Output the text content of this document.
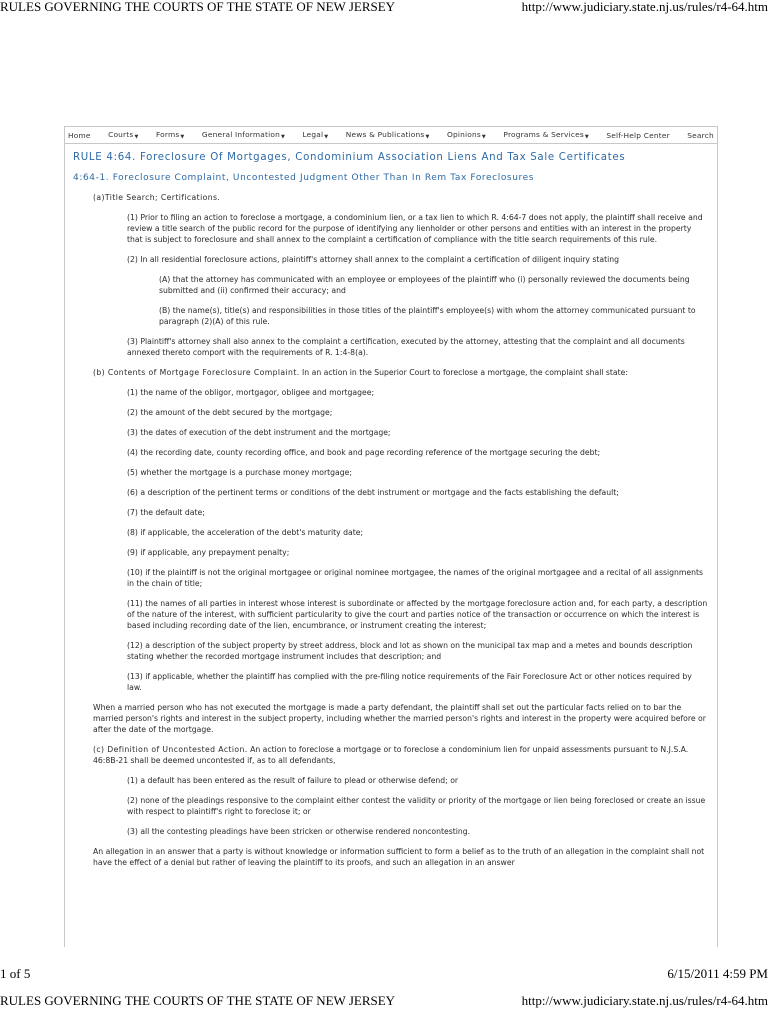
RULES GOVERNING THE COURTS OF THE STATE OF NEW JERSEY	http://www.judiciary.state.nj.us/rules/r4-64.htm
Home Courts▼ Forms▼ General Information▼ Legal▼ News & Publications▼ Opinions▼ Programs & Services▼ Self-Help Center Search
RULE 4:64. Foreclosure Of Mortgages, Condominium Association Liens And Tax Sale Certificates
4:64-1. Foreclosure Complaint, Uncontested Judgment Other Than In Rem Tax Foreclosures

(a)Title Search; Certifications.

(1) Prior to filing an action to foreclose a mortgage, a condominium lien, or a tax lien to which R. 4:64-7 does not apply, the plaintiff shall receive and review a title search of the public record for the purpose of identifying any lienholder or other persons and entities with an interest in the property that is subject to foreclosure and shall annex to the complaint a certification of compliance with the title search requirements of this rule.

(2) In all residential foreclosure actions, plaintiff's attorney shall annex to the complaint a certification of diligent inquiry stating

(A) that the attorney has communicated with an employee or employees of the plaintiff who (i) personally reviewed the documents being submitted and (ii) confirmed their accuracy; and

(B) the name(s), title(s) and responsibilities in those titles of the plaintiff's employee(s) with whom the attorney communicated pursuant to paragraph (2)(A) of this rule.

(3) Plaintiff's attorney shall also annex to the complaint a certification, executed by the attorney, attesting that the complaint and all documents annexed thereto comport with the requirements of R. 1:4-8(a).

(b) Contents of Mortgage Foreclosure Complaint. In an action in the Superior Court to foreclose a mortgage, the complaint shall state:

(1) the name of the obligor, mortgagor, obligee and mortgagee;

(2) the amount of the debt secured by the mortgage;

(3) the dates of execution of the debt instrument and the mortgage;

(4) the recording date, county recording office, and book and page recording reference of the mortgage securing the debt;

(5) whether the mortgage is a purchase money mortgage;

(6) a description of the pertinent terms or conditions of the debt instrument or mortgage and the facts establishing the default;

(7) the default date;

(8) if applicable, the acceleration of the debt's maturity date;

(9) if applicable, any prepayment penalty;

(10) if the plaintiff is not the original mortgagee or original nominee mortgagee, the names of the original mortgagee and a recital of all assignments in the chain of title;

(11) the names of all parties in interest whose interest is subordinate or affected by the mortgage foreclosure action and, for each party, a description of the nature of the interest, with sufficient particularity to give the court and parties notice of the transaction or occurrence on which the interest is based including recording date of the lien, encumbrance, or instrument creating the interest;

(12) a description of the subject property by street address, block and lot as shown on the municipal tax map and a metes and bounds description stating whether the recorded mortgage instrument includes that description; and

(13) if applicable, whether the plaintiff has complied with the pre-filing notice requirements of the Fair Foreclosure Act or other notices required by law.

When a married person who has not executed the mortgage is made a party defendant, the plaintiff shall set out the particular facts relied on to bar the married person's rights and interest in the subject property, including whether the married person's rights and interest in the property were acquired before or after the date of the mortgage.

(c) Definition of Uncontested Action. An action to foreclose a mortgage or to foreclose a condominium lien for unpaid assessments pursuant to N.J.S.A. 46:8B-21 shall be deemed uncontested if, as to all defendants,

(1) a default has been entered as the result of failure to plead or otherwise defend; or

(2) none of the pleadings responsive to the complaint either contest the validity or priority of the mortgage or lien being foreclosed or create an issue with respect to plaintiff's right to foreclose it; or

(3) all the contesting pleadings have been stricken or otherwise rendered noncontesting.

An allegation in an answer that a party is without knowledge or information sufficient to form a belief as to the truth of an allegation in the complaint shall not have the effect of a denial but rather of leaving the plaintiff to its proofs, and such an allegation in an answer

1 of 5	6/15/2011 4:59 PM
RULES GOVERNING THE COURTS OF THE STATE OF NEW JERSEY	http://www.judiciary.state.nj.us/rules/r4-64.htm
